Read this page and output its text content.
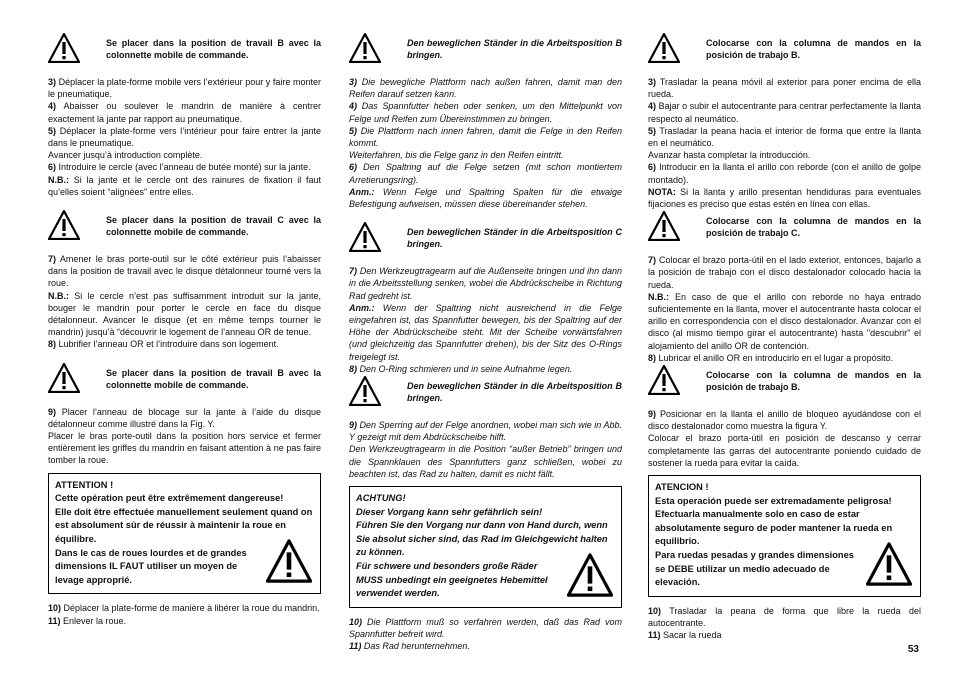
Se placer dans la position de travail B avec la colonnette mobile de commande.

3) Déplacer la plate-forme mobile vers l’extérieur pour y faire monter le pneumatique.

4) Abaisser ou soulever le mandrin de manière à centrer exactement la jante par rapport au pneumatique.

5) Déplacer la plate-forme vers l’intérieur pour faire entrer la jante dans le pneumatique.

Avancer jusqu’à introduction complète.

6) Introduire le cercle (avec l’anneau de butée monté) sur la jante.

N.B.: Si la jante et le cercle ont des rainures de fixation il faut qu’elles soient “alignées” entre elles.

Se placer dans la position de travail C avec la colonnette mobile de commande.

7) Amener le bras porte-outil sur le côté extérieur puis l’abaisser dans la position de travail avec le disque détalonneur tourné vers la roue.

N.B.: Si le cercle n’est pas suffisamment introduit sur la jante, bouger le mandrin pour porter le cercle en face du disque détalonneur. Avancer le disque (et en même temps tourner le mandrin) jusqu’à “découvrir le logement de l’anneau OR de tenue.

8) Lubrifier l’anneau OR et l’introduire dans son logement.

Se placer dans la position de travail B avec la colonnette mobile de commande.

9) Placer l’anneau de blocage sur la jante à l’aide du disque détalonneur comme illustré dans la Fig. Y.

Placer le bras porte-outil dans la position hors service et fermer entièrement les griffes du mandrin en faisant attention à ne pas faire tomber la roue.

ATTENTION !
Cette opération peut être extrêmement dangereuse!
Elle doit être effectuée manuellement seulement quand on est absolument sûr de réussir à maintenir la roue en équilibre.
Dans le cas de roues lourdes et de grandes dimensions IL FAUT utiliser un moyen de levage approprié.

10) Déplacer la plate-forme de manière à libérer la roue du mandrin.

11) Enlever la roue.

Den beweglichen Ständer in die Arbeitsposition B bringen.

3) Die bewegliche Plattform nach außen fahren, damit man den Reifen darauf setzen kann.

4) Das Spannfutter heben oder senken, um den Mittelpunkt von Felge und Reifen zum Übereinstimmen zu bringen.

5) Die Plattform nach innen fahren, damit die Felge in den Reifen kommt.

Weiterfahren, bis die Felge ganz in den Reifen eintritt.

6) Den Spaltring auf die Felge setzen (mit schon montiertem Arretierungsring).

Anm.: Wenn Felge und Spaltring Spalten für die etwaige Befestigung aufweisen, müssen diese übereinander stehen.

Den beweglichen Ständer in die Arbeitsposition C bringen.

7) Den Werkzeugtragearm auf die Außenseite bringen und ihn dann in die Arbeitsstellung senken, wobei die Abdrückscheibe in Richtung Rad gedreht ist.

Anm.: Wenn der Spaltring nicht ausreichend in die Felge eingefahren ist, das Spannfutter bewegen, bis der Spaltring auf der Höhe der Abdrückscheibe steht. Mit der Scheibe vorwärtsfahren (und gleichzeitig das Spannfutter drehen), bis der Sitz des O-Rings freigelegt ist.

8) Den O-Ring schmieren und in seine Aufnahme legen.

Den beweglichen Ständer in die Arbeitsposition B bringen.

9) Den Sperring auf der Felge anordnen, wobei man sich wie in Abb. Y gezeigt mit dem Abdrückscheibe hilft.

Den Werkzeugtragearm in die Position “außer Betrieb” bringen und die Spannklauen des Spannfutters ganz schließen, wobei zu beachten ist, das Rad zu halten, damit es nicht fällt.

ACHTUNG!
Dieser Vorgang kann sehr gefährlich sein!
Führen Sie den Vorgang nur dann von Hand durch, wenn Sie absolut sicher sind, das Rad im Gleichgewicht halten zu können.
Für schwere und besonders große Räder MUSS unbedingt ein geeignetes Hebemittel verwendet werden.

10) Die Plattform muß so verfahren werden, daß das Rad vom Spannfutter befreit wird.

11) Das Rad herunternehmen.

Colocarse con la columna de mandos en la posición de trabajo B.

3) Trasladar la peana móvil al exterior para poner encima de ella rueda.

4) Bajar o subir el autocentrante para centrar perfectamente la llanta respecto al neumático.

5) Trasladar la peana hacia el interior de forma que entre la llanta en el neumático.

Avanzar hasta completar la introducción.

6) Introducir en la llanta el arillo con reborde (con el anillo de golpe montado).

NOTA: Si la llanta y arillo presentan hendiduras para eventuales fijaciones es preciso que estas estén en línea con ellas.

Colocarse con la columna de mandos en la posición de trabajo C.

7) Colocar el brazo porta-útil en el lado exterior, entonces, bajarlo a la posición de trabajo con el disco destalonador colocado hacia la rueda.

N.B.: En caso de que el arillo con reborde no haya entrado suficientemente en la llanta, mover el autocentrante hasta colocar el arillo en correspondencia con el disco destalonador. Avanzar con el disco (al mismo tiempo girar el autocentrante) hasta "descubrir" el alojamiento del anillo OR de contención.

8) Lubricar el anillo OR en introducirlo en el lugar a propósito.

Colocarse con la columna de mandos en la posición de trabajo B.

9) Posicionar en la llanta el anillo de bloqueo ayudándose con el disco destalonador como muestra la figura Y.

Colocar el brazo porta-útil en posición de descanso y cerrar completamente las garras del autocentrante poniendo cuidado de sostener la rueda para evitar la caída.

ATENCION !
Esta operación puede ser extremadamente peligrosa!
Efectuarla manualmente solo en caso de estar absolutamente seguro de poder mantener la rueda en equilibrio.
Para ruedas pesadas y grandes dimensiones se DEBE utilizar un medio adecuado de elevación.

10) Trasladar la peana de forma que libre la rueda del autocentrante.

11) Sacar la rueda

53
